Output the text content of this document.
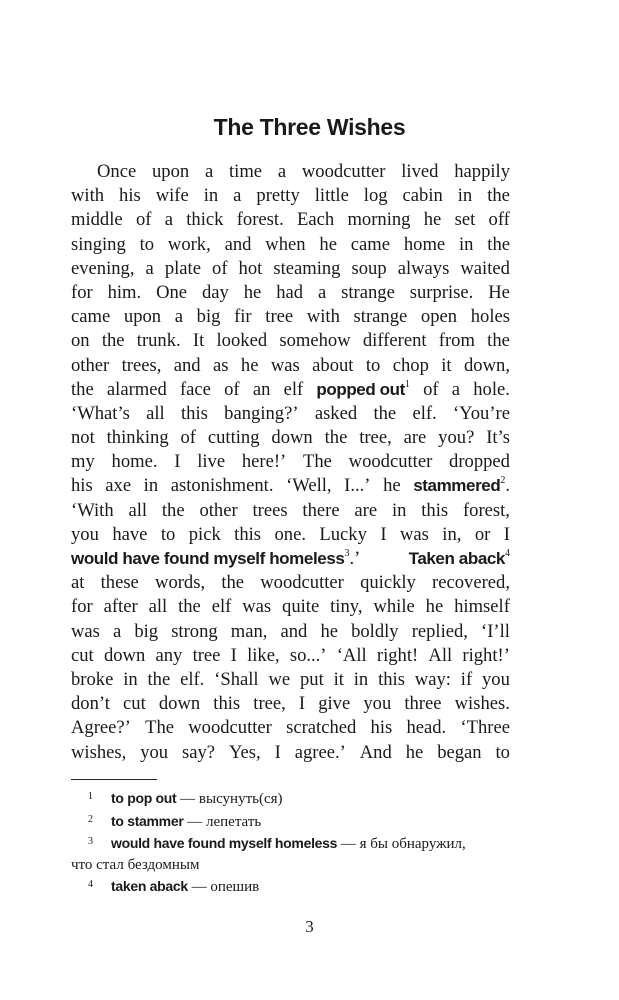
The Three Wishes
Once upon a time a woodcutter lived happily
with his wife in a pretty little log cabin in the
middle of a thick forest. Each morning he set off
singing to work, and when he came home in the
evening, a plate of hot steaming soup always waited
for him. One day he had a strange surprise. He
came upon a big fir tree with strange open holes
on the trunk. It looked somehow different from the
other trees, and as he was about to chop it down,
the alarmed face of an elf popped out$^1$ of a hole.
‘What’s all this banging?’ asked the elf. ‘You’re
not thinking of cutting down the tree, are you? It’s
my home. I live here!’ The woodcutter dropped
his axe in astonishment. ‘Well, I...’ he stammered$^2$.
‘With all the other trees there are in this forest,
you have to pick this one. Lucky I was in, or I
would have found myself homeless$^3$.’	Taken aback$^4$
at these words, the woodcutter quickly recovered,
for after all the elf was quite tiny, while he himself
was a big strong man, and he boldly replied, ‘I’ll
cut down any tree I like, so...’ ‘All right! All right!’
broke in the elf. ‘Shall we put it in this way: if you
don’t cut down this tree, I give you three wishes.
Agree?’ The woodcutter scratched his head. ‘Three
wishes, you say? Yes, I agree.’ And he began to
1 to pop out — высунуть(ся)
2 to stammer — лепетать
3 would have found myself homeless — я бы обнаружил,
что стал бездомным
4 taken aback — опешив
3
